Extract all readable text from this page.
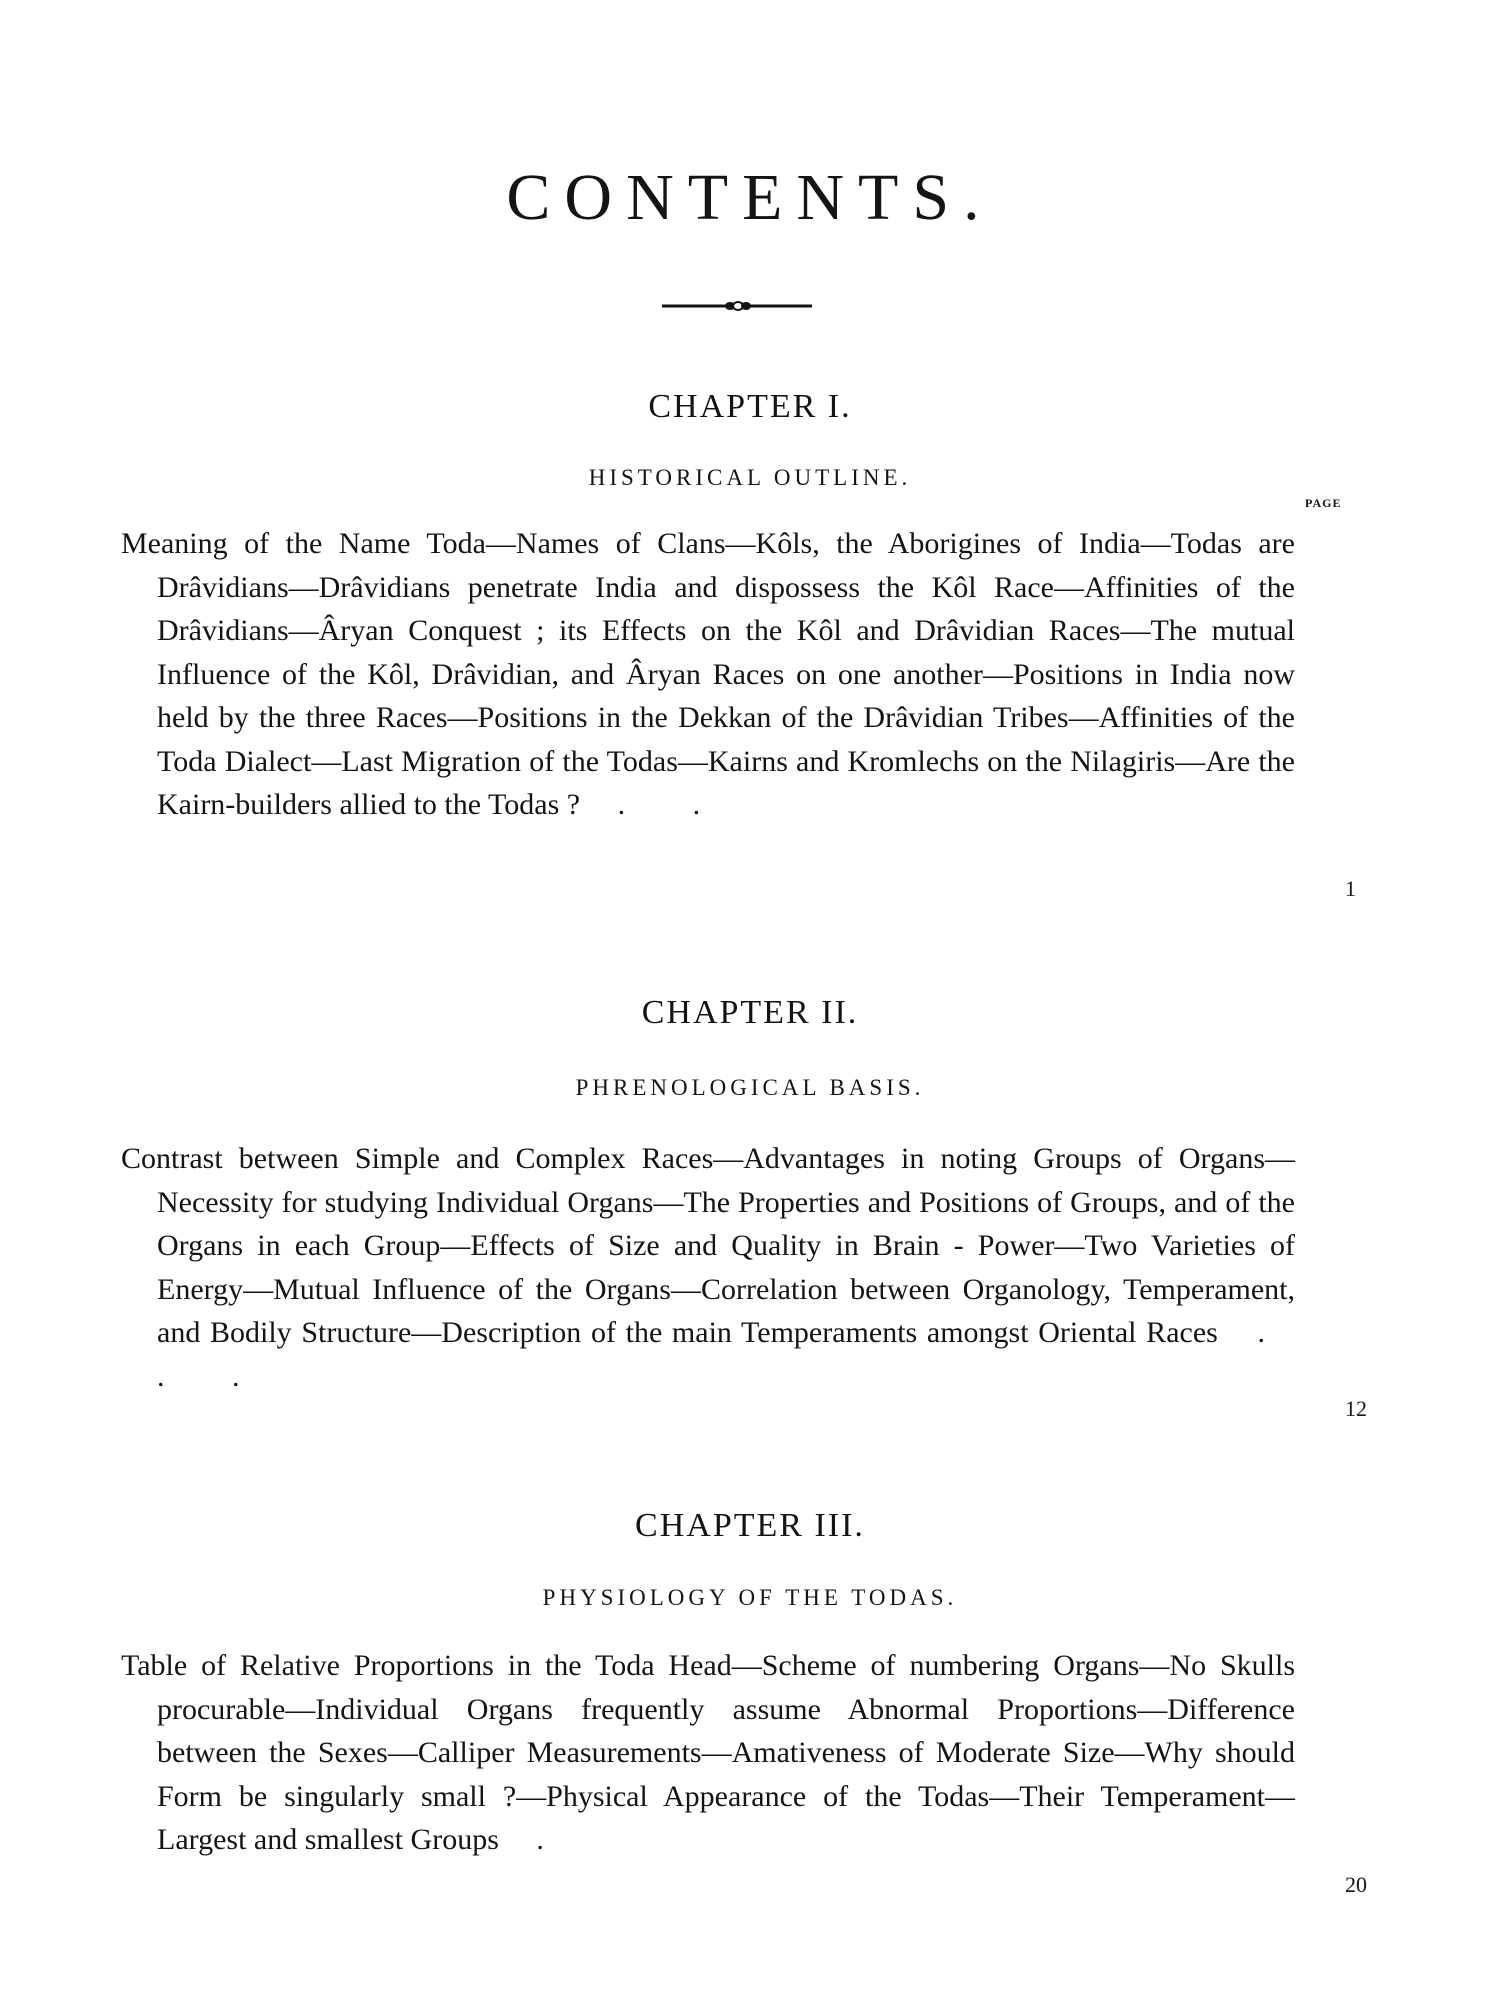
CONTENTS.
CHAPTER I.
HISTORICAL OUTLINE.
PAGE

Meaning of the Name Toda—Names of Clans—Kôls, the Aborigines of India—Todas are Drâvidians—Drâvidians penetrate India and dispossess the Kôl Race—Affinities of the Drâvidians—Âryan Conquest ; its Effects on the Kôl and Drâvidian Races—The mutual Influence of the Kôl, Drâvidian, and Âryan Races on one another—Positions in India now held by the three Races—Positions in the Dekkan of the Drâvidian Tribes—Affinities of the Toda Dialect—Last Migration of the Todas—Kairns and Kromlechs on the Nilagiris—Are the Kairn-builders allied to the Todas ? . .

1
CHAPTER II.
PHRENOLOGICAL BASIS.

Contrast between Simple and Complex Races—Advantages in noting Groups of Organs—Necessity for studying Individual Organs—The Properties and Positions of Groups, and of the Organs in each Group—Effects of Size and Quality in Brain - Power—Two Varieties of Energy—Mutual Influence of the Organs—Correlation between Organology, Temperament, and Bodily Structure—Description of the main Temperaments amongst Oriental Races . . .

12
CHAPTER III.
PHYSIOLOGY OF THE TODAS.

Table of Relative Proportions in the Toda Head—Scheme of numbering Organs—No Skulls procurable—Individual Organs frequently assume Abnormal Proportions—Difference between the Sexes—Calliper Measurements—Amativeness of Moderate Size—Why should Form be singularly small ?—Physical Appearance of the Todas—Their Temperament—Largest and smallest Groups .

20
